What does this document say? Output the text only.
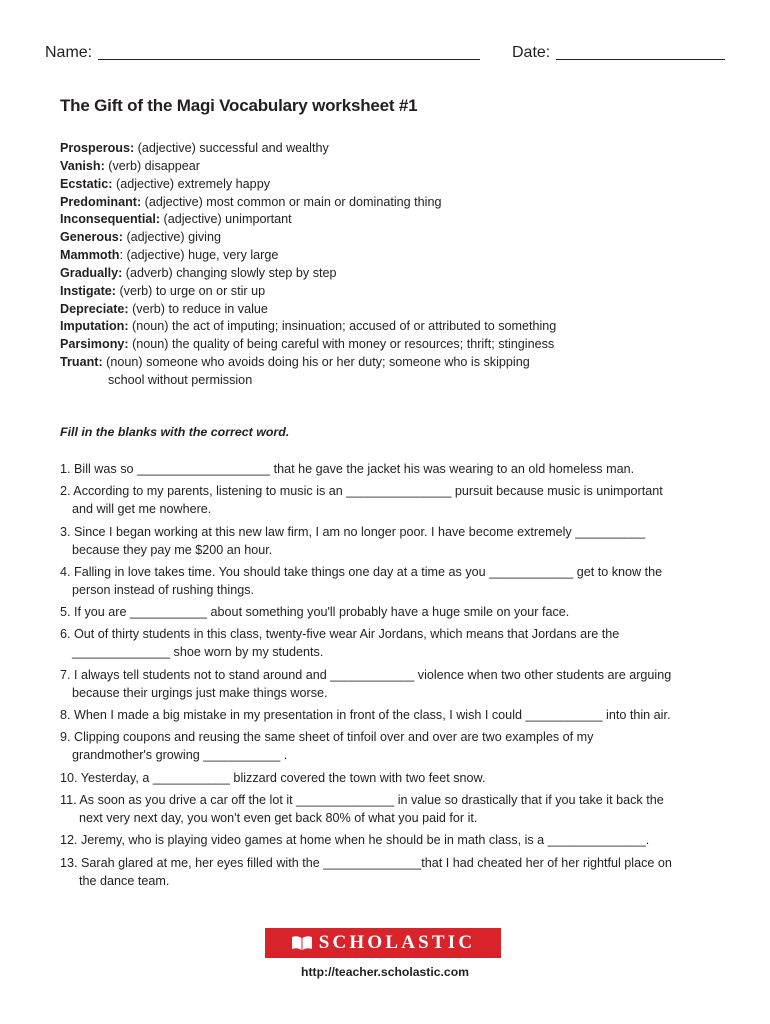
Name:	Date:
The Gift of the Magi Vocabulary worksheet #1
Prosperous: (adjective) successful and wealthy
Vanish: (verb) disappear
Ecstatic: (adjective) extremely happy
Predominant: (adjective) most common or main or dominating thing
Inconsequential: (adjective) unimportant
Generous: (adjective) giving
Mammoth: (adjective) huge, very large
Gradually: (adverb) changing slowly step by step
Instigate: (verb) to urge on or stir up
Depreciate: (verb) to reduce in value
Imputation: (noun) the act of imputing; insinuation; accused of or attributed to something
Parsimony: (noun) the quality of being careful with money or resources; thrift; stinginess
Truant: (noun) someone who avoids doing his or her duty; someone who is skipping
school without permission
Fill in the blanks with the correct word.
1. Bill was so ___________________ that he gave the jacket his was wearing to an old homeless man.
2. According to my parents, listening to music is an _______________ pursuit because music is unimportant
and will get me nowhere.
3. Since I began working at this new law firm, I am no longer poor. I have become extremely __________
because they pay me $200 an hour.
4. Falling in love takes time. You should take things one day at a time as you ____________ get to know the
person instead of rushing things.
5. If you are ___________ about something you'll probably have a huge smile on your face.
6. Out of thirty students in this class, twenty-five wear Air Jordans, which means that Jordans are the
______________ shoe worn by my students.
7. I always tell students not to stand around and ____________ violence when two other students are arguing
because their urgings just make things worse.
8. When I made a big mistake in my presentation in front of the class, I wish I could ___________ into thin air.
9. Clipping coupons and reusing the same sheet of tinfoil over and over are two examples of my
grandmother's growing ___________ .
10. Yesterday, a ___________ blizzard covered the town with two feet snow.
11. As soon as you drive a car off the lot it ______________ in value so drastically that if you take it back the
next very next day, you won't even get back 80% of what you paid for it.
12. Jeremy, who is playing video games at home when he should be in math class, is a ______________.
13. Sarah glared at me, her eyes filled with the ______________that I had cheated her of her rightful place on
the dance team.
SCHOLASTIC
http://teacher.scholastic.com
